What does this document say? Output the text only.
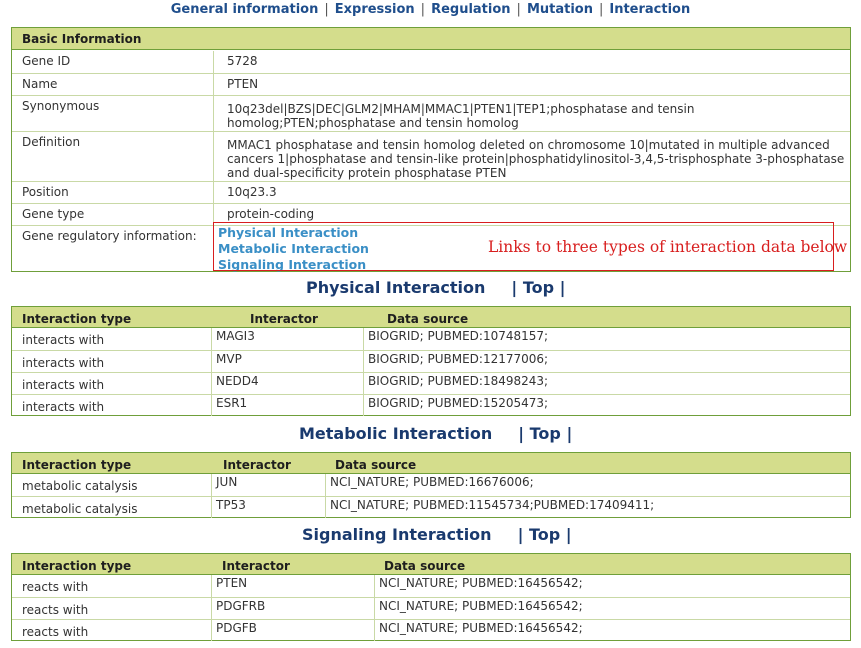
General information | Expression | Regulation | Mutation | Interaction
Basic Information
Gene ID	5728
Name	PTEN
Synonymous	10q23del|BZS|DEC|GLM2|MHAM|MMAC1|PTEN1|TEP1;phosphatase and tensin homolog;PTEN;phosphatase and tensin homolog
Definition	MMAC1 phosphatase and tensin homolog deleted on chromosome 10|mutated in multiple advanced cancers 1|phosphatase and tensin-like protein|phosphatidylinositol-3,4,5-trisphosphate 3-phosphatase and dual-specificity protein phosphatase PTEN
Position	10q23.3
Gene type	protein-coding
Gene regulatory information:	Physical Interaction
Metabolic Interaction
Signaling Interaction
Links to three types of interaction data below
Physical Interaction | Top |
Interaction type	Interactor	Data source
interacts with	MAGI3	BIOGRID; PUBMED:10748157;
interacts with	MVP	BIOGRID; PUBMED:12177006;
interacts with	NEDD4	BIOGRID; PUBMED:18498243;
interacts with	ESR1	BIOGRID; PUBMED:15205473;
Metabolic Interaction | Top |
Interaction type	Interactor	Data source
metabolic catalysis	JUN	NCI_NATURE; PUBMED:16676006;
metabolic catalysis	TP53	NCI_NATURE; PUBMED:11545734;PUBMED:17409411;
Signaling Interaction | Top |
Interaction type	Interactor	Data source
reacts with	PTEN	NCI_NATURE; PUBMED:16456542;
reacts with	PDGFRB	NCI_NATURE; PUBMED:16456542;
reacts with	PDGFB	NCI_NATURE; PUBMED:16456542;
